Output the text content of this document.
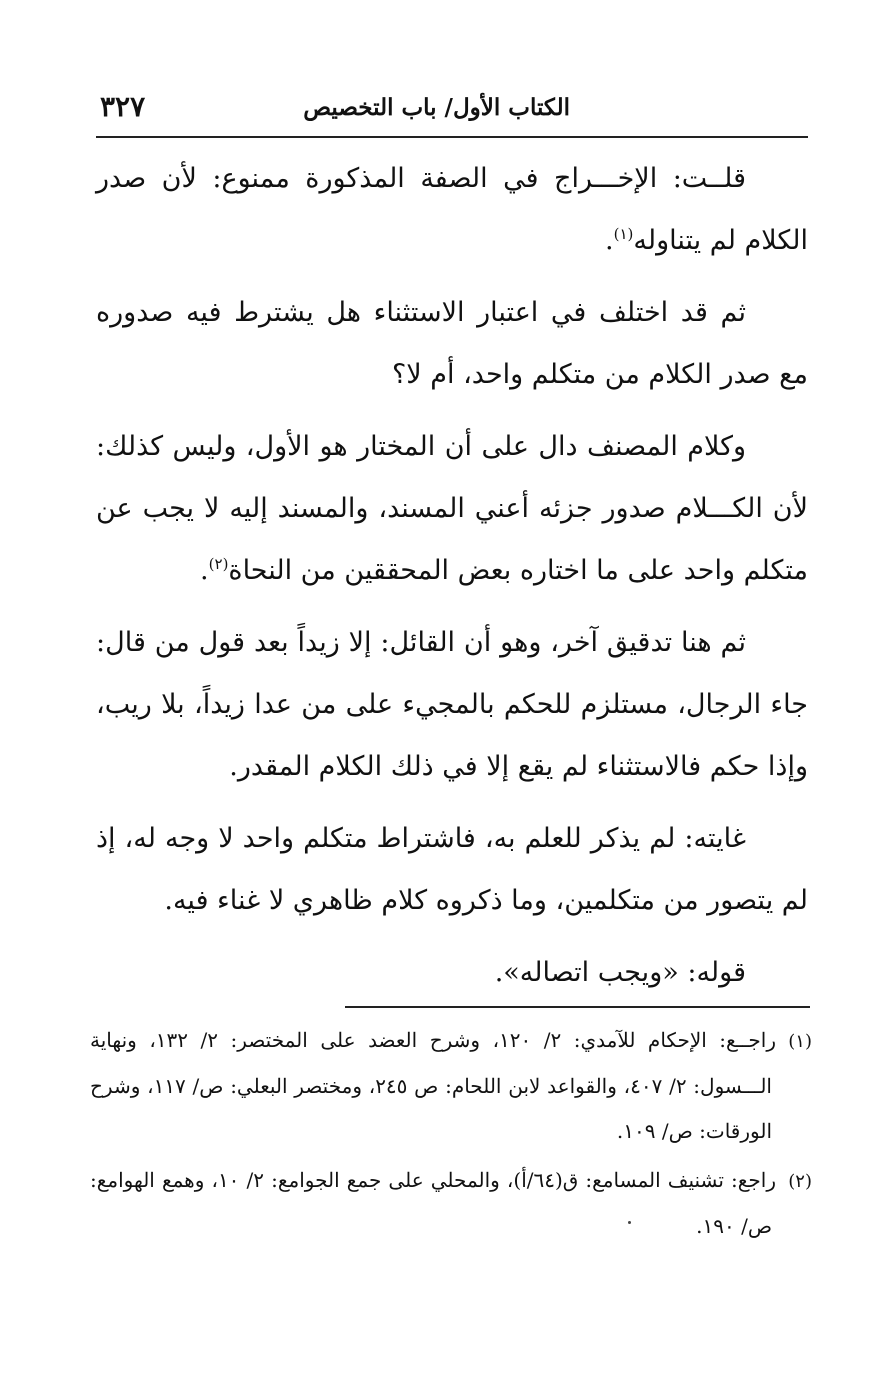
الكتاب الأول/ باب التخصيص
٣٢٧

قلــت: الإخـــراج في الصفة المذكورة ممنوع: لأن صدر الكلام لم يتناوله$^{(١)}$.

ثم قد اختلف في اعتبار الاستثناء هل يشترط فيه صدوره مع صدر الكلام من متكلم واحد، أم لا؟

وكلام المصنف دال على أن المختار هو الأول، وليس كذلك: لأن الكـــلام صدور جزئه أعني المسند، والمسند إليه لا يجب عن متكلم واحد على ما اختاره بعض المحققين من النحاة$^{(٢)}$.

ثم هنا تدقيق آخر، وهو أن القائل: إلا زيداً بعد قول من قال: جاء الرجال، مستلزم للحكم بالمجيء على من عدا زيداً، بلا ريب، وإذا حكم فالاستثناء لم يقع إلا في ذلك الكلام المقدر.

غايته: لم يذكر للعلم به، فاشتراط متكلم واحد لا وجه له، إذ لم يتصور من متكلمين، وما ذكروه كلام ظاهري لا غناء فيه.

قوله: «ويجب اتصاله».

(١)راجــع: الإحكام للآمدي: ٢/ ١٢٠، وشرح العضد على المختصر: ٢/ ١٣٢، ونهاية الـــسول: ٢/ ٤٠٧، والقواعد لابن اللحام: ص ٢٤٥، ومختصر البعلي: ص/ ١١٧، وشرح الورقات: ص/ ١٠٩.

(٢)راجع: تشنيف المسامع: ق(٦٤/أ)، والمحلي على جمع الجوامع: ٢/ ١٠، وهمع الهوامع: ص/ ١٩٠.
